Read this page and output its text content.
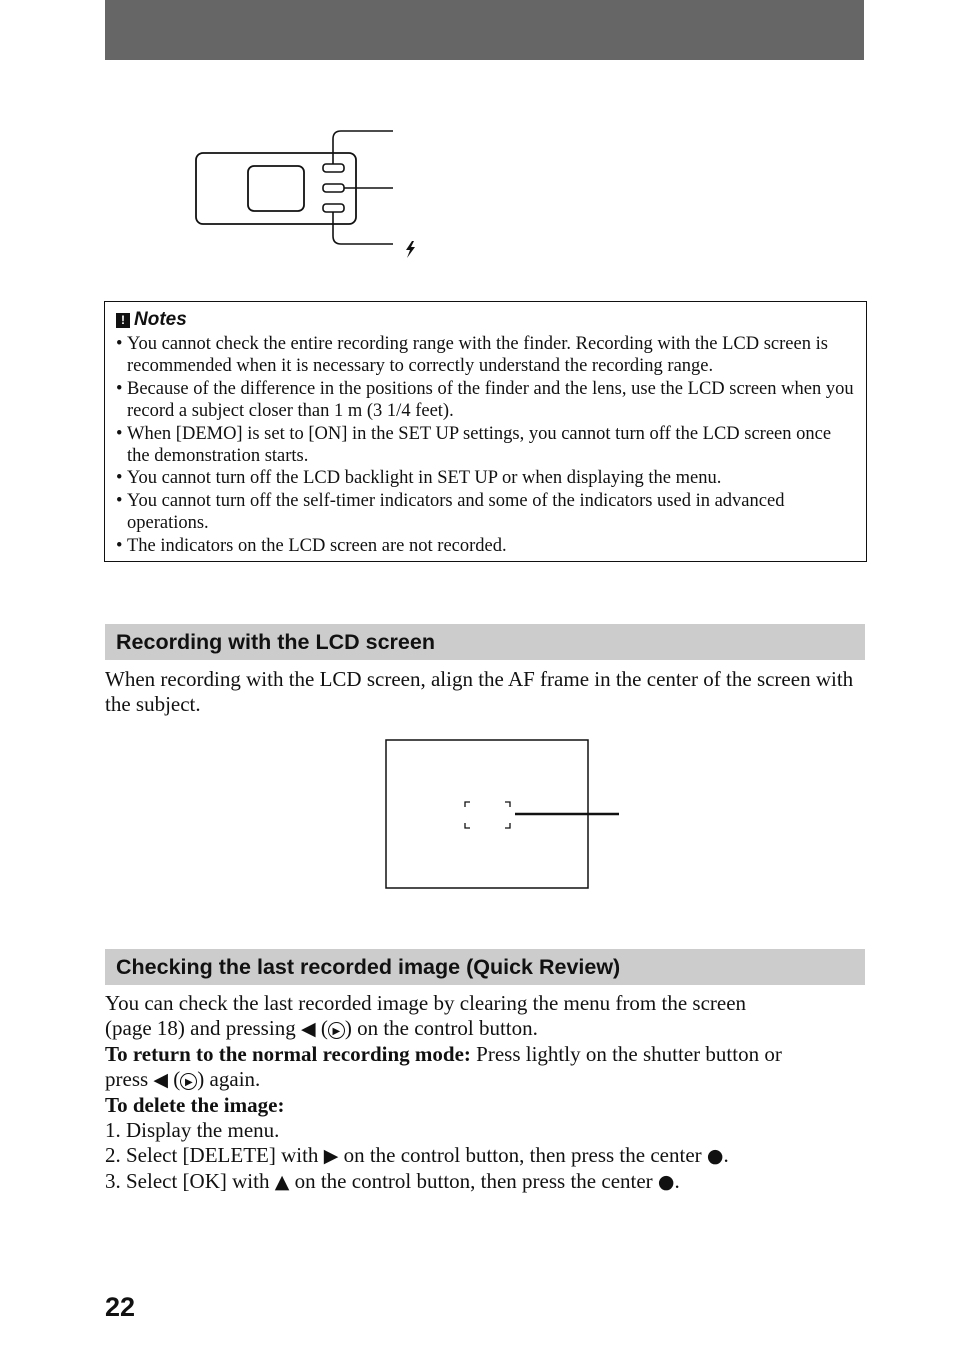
! Notes
• You cannot check the entire recording range with the finder. Recording with the LCD screen is recommended when it is necessary to correctly understand the recording range.
• Because of the difference in the positions of the finder and the lens, use the LCD screen when you record a subject closer than 1 m (3 1/4 feet).
• When [DEMO] is set to [ON] in the SET UP settings, you cannot turn off the LCD screen once the demonstration starts.
• You cannot turn off the LCD backlight in SET UP or when displaying the menu.
• You cannot turn off the self-timer indicators and some of the indicators used in advanced operations.
• The indicators on the LCD screen are not recorded.
Recording with the LCD screen

When recording with the LCD screen, align the AF frame in the center of the screen with the subject.

Checking the last recorded image (Quick Review)
You can check the last recorded image by clearing the menu from the screen
(page 18) and pressing ◀ ( ▶ ) on the control button.
To return to the normal recording mode: Press lightly on the shutter button or
press ◀ ( ▶ ) again.
To delete the image:
1. Display the menu.
2. Select [DELETE] with ▶ on the control button, then press the center ●.
3. Select [OK] with ▲ on the control button, then press the center ●.
22
